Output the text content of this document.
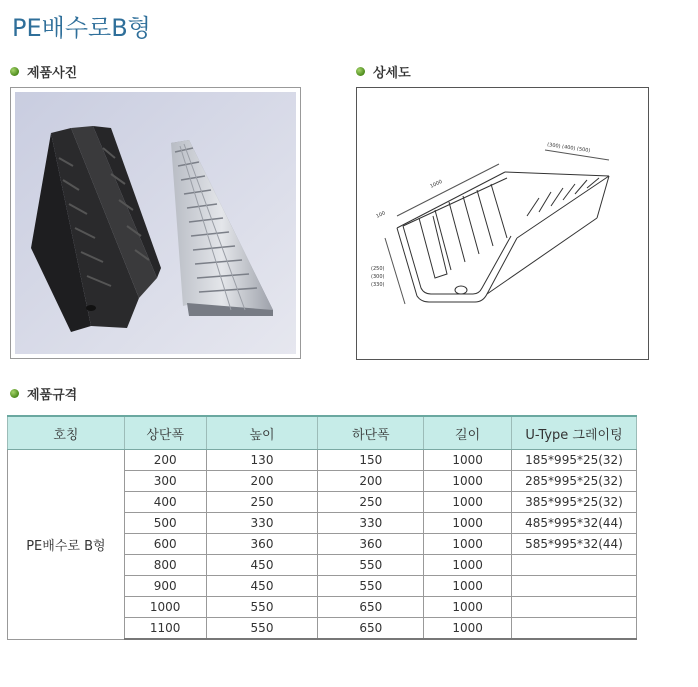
PE배수로B형
제품사진	상세도
1000
100
(300) (400) (500)
(250)
(300)
(330)
제품규격
호칭	상단폭	높이	하단폭	길이	U-Type 그레이팅
PE배수로 B형	200	130	150	1000	185*995*25(32)
	300	200	200	1000	285*995*25(32)
	400	250	250	1000	385*995*25(32)
	500	330	330	1000	485*995*32(44)
	600	360	360	1000	585*995*32(44)
	800	450	550	1000	
	900	450	550	1000	
	1000	550	650	1000	
	1100	550	650	1000	
